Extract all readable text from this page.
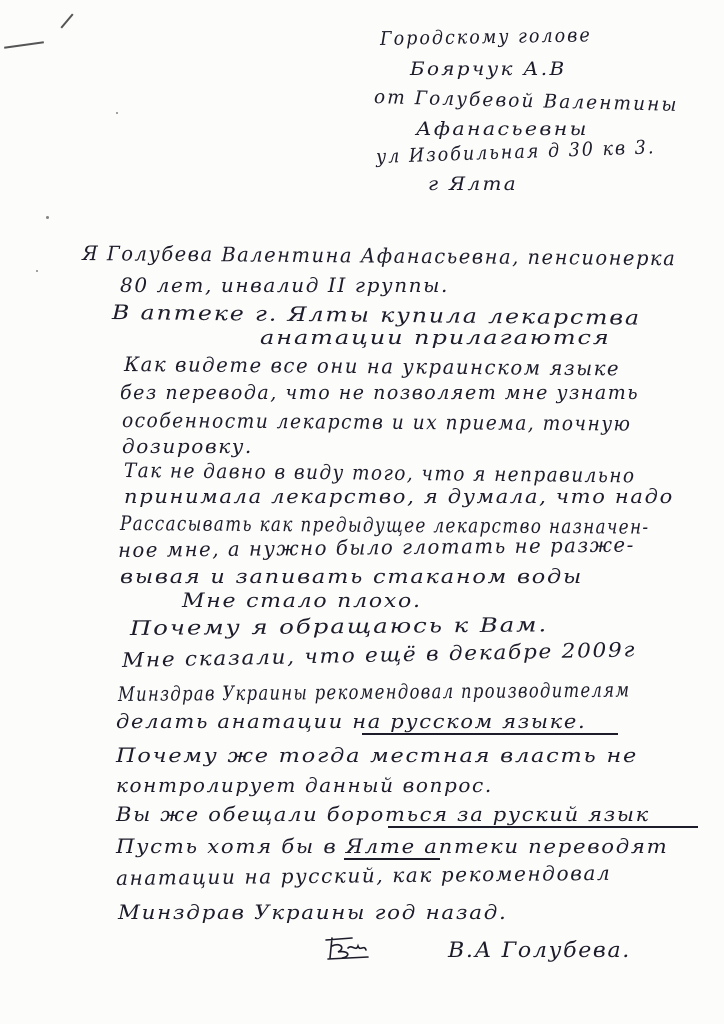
Городскому голове
Боярчук А.В
от Голубевой Валентины
Афанасьевны
ул Изобильная д 30 кв 3.
г Ялта
Я Голубева Валентина Афанасьевна, пенсионерка
80 лет, инвалид II группы.
В аптеке г. Ялты купила лекарства
анатации прилагаются
Как видете все они на украинском языке
без перевода, что не позволяет мне узнать
особенности лекарств и их приема, точную
дозировку.
Так не давно в виду того, что я неправильно
принимала лекарство, я думала, что надо
Рассасывать как предыдущее лекарство назначен-
ное мне, а нужно было глотать не разже-
вывая и запивать стаканом воды
Мне стало плохо.
Почему я обращаюсь к Вам.
Мне сказали, что ещё в декабре 2009г
Минздрав Украины рекомендовал производителям
делать анатации на русском языке.
Почему же тогда местная власть не
контролирует данный вопрос.
Вы же обещали бороться за руский язык
Пусть хотя бы в Ялте аптеки переводят
анатации на русский, как рекомендовал
Минздрав Украины год назад.
В.А Голубева.
